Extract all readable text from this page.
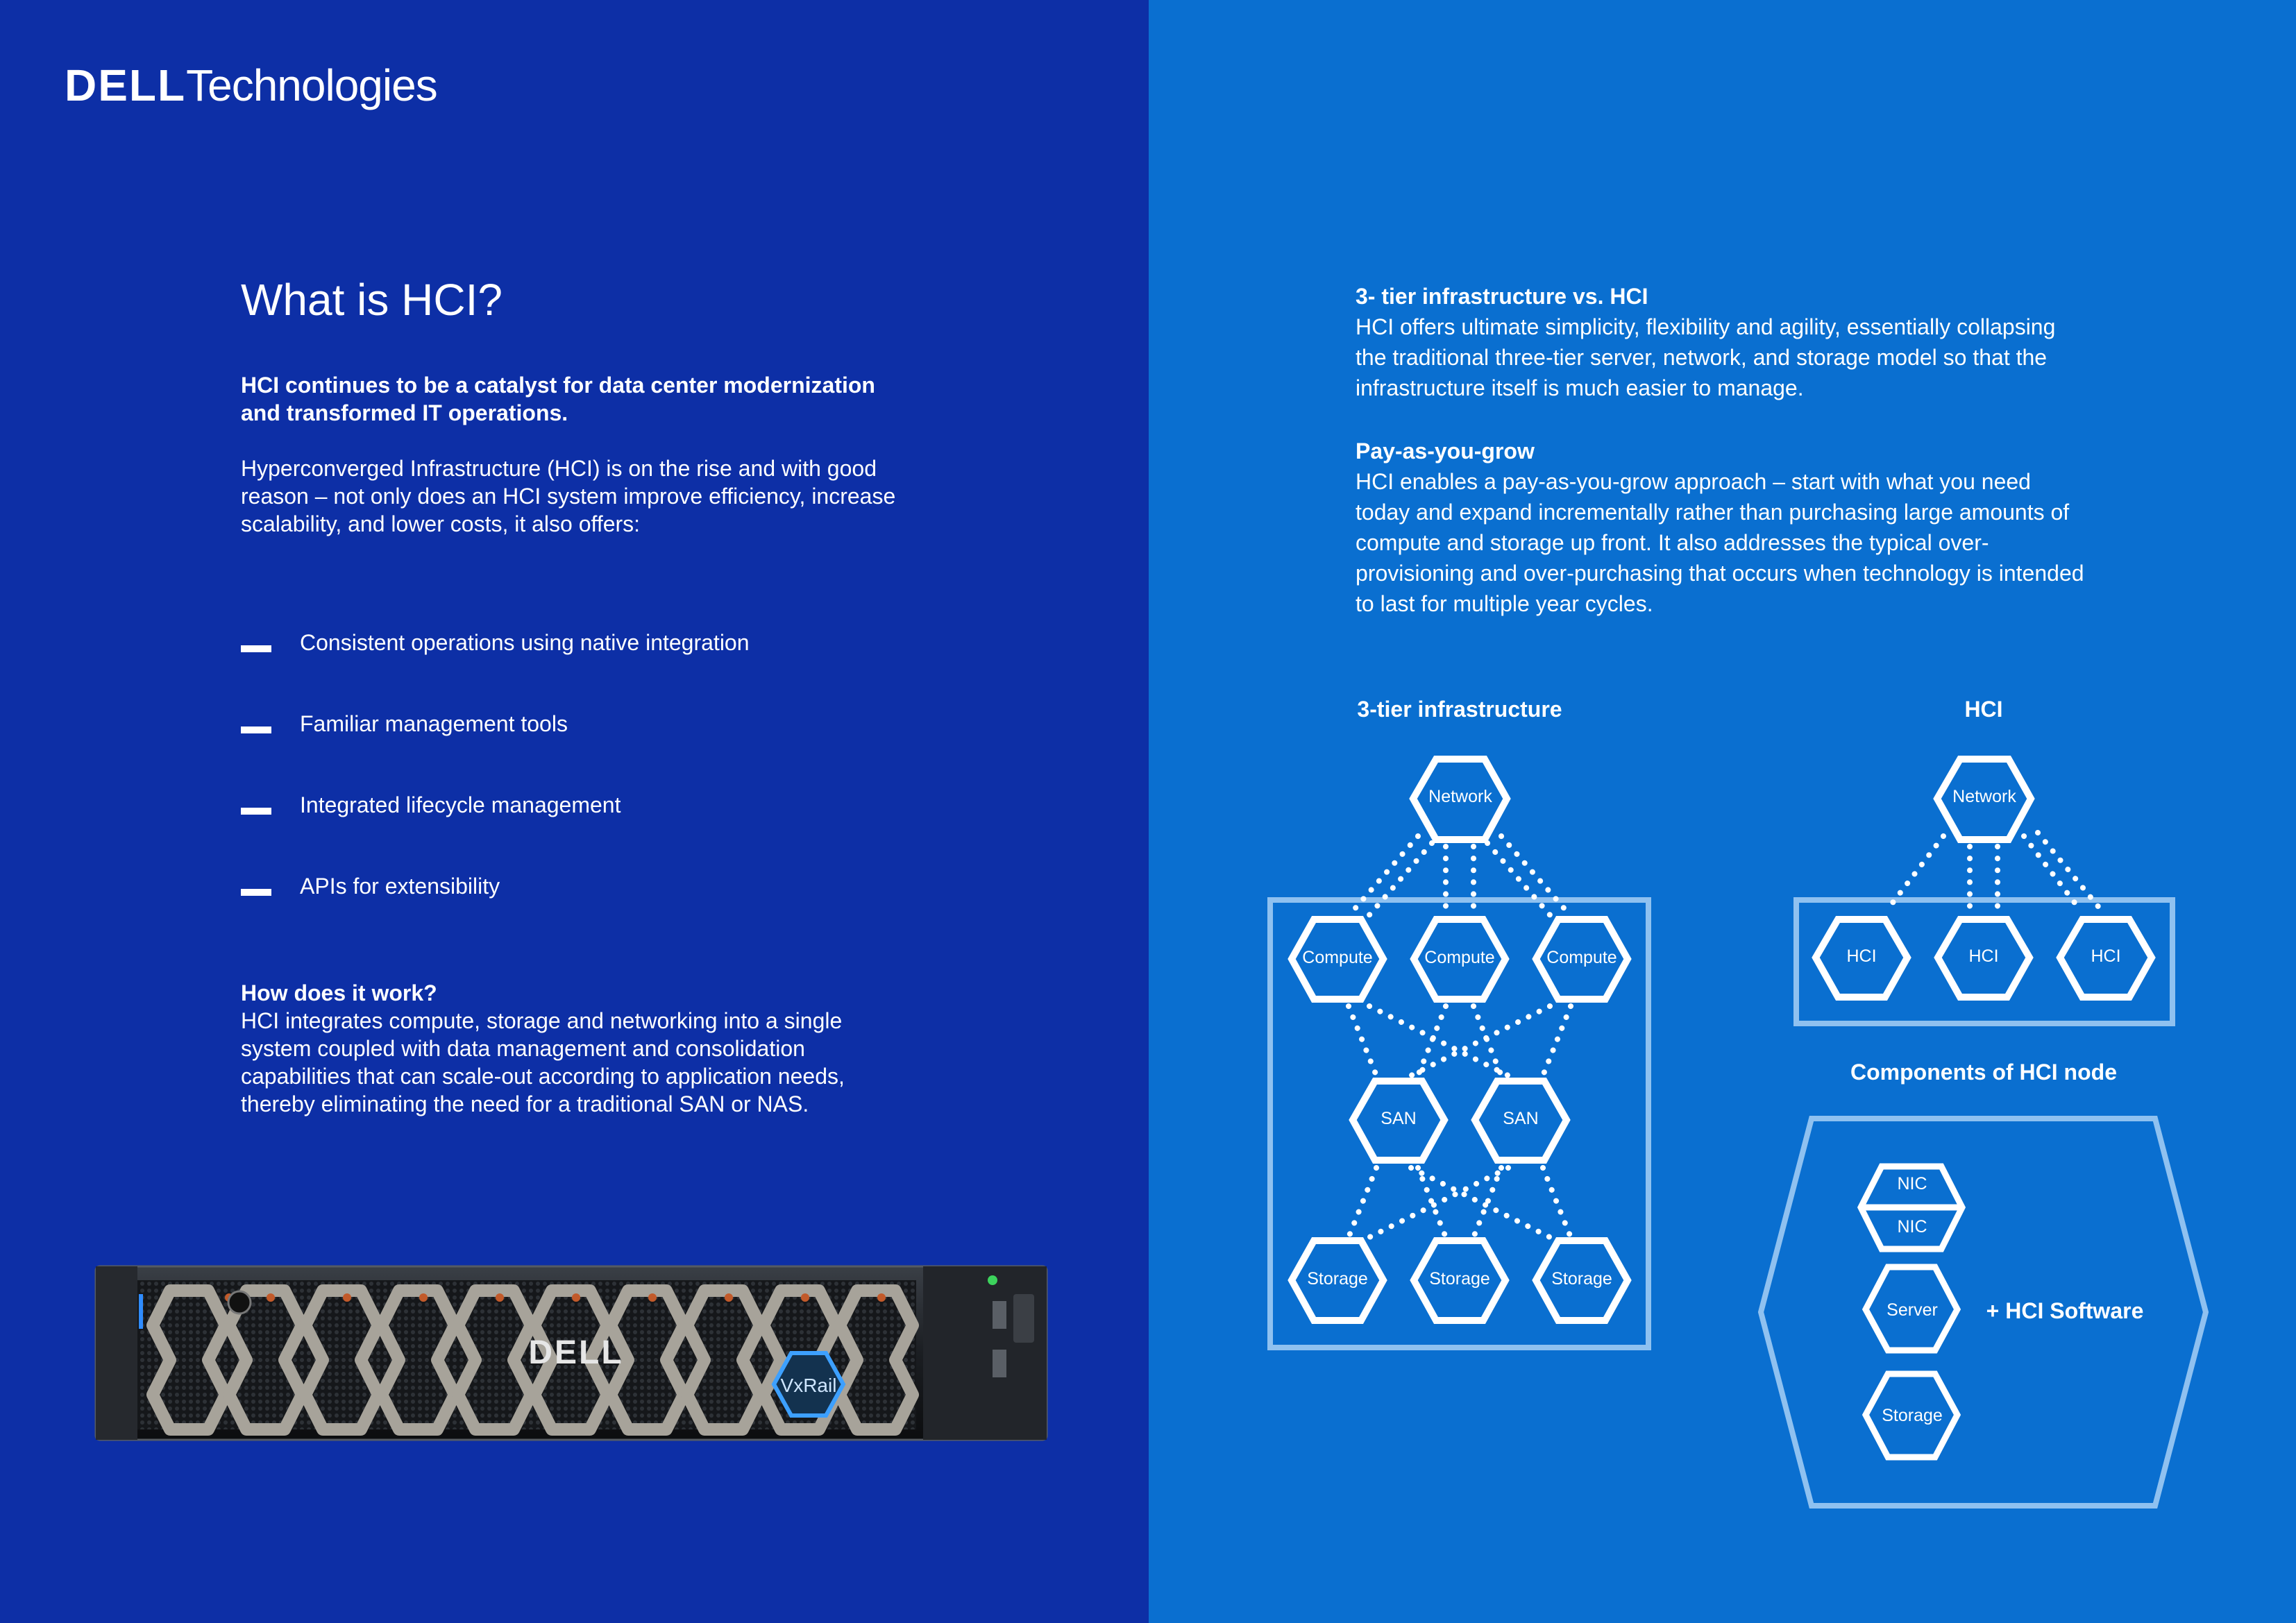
DELLTechnologies
What is HCI?
HCI continues to be a catalyst for data center modernization and transformed IT operations.
Hyperconverged Infrastructure (HCI) is on the rise and with good reason – not only does an HCI system improve efficiency, increase scalability, and lower costs, it also offers:
Consistent operations using native integration
Familiar management tools
Integrated lifecycle management
APIs for extensibility
How does it work?
HCI integrates compute, storage and networking into a single system coupled with data management and consolidation capabilities that can scale-out according to application needs, thereby eliminating the need for a traditional SAN or NAS.
DELL
VxRail
3- tier infrastructure vs. HCI
HCI offers ultimate simplicity, flexibility and agility, essentially collapsing the traditional three-tier server, network, and storage model so that the infrastructure itself is much easier to manage.
Pay-as-you-grow
HCI enables a pay-as-you-grow approach – start with what you need today and expand incrementally rather than purchasing large amounts of compute and storage up front. It also addresses the typical over-provisioning and over-purchasing that occurs when technology is intended to last for multiple year cycles.
3-tier infrastructure	HCI
Components of HCI node
Network
Compute	Compute	Compute
SAN	SAN
Storage	Storage	Storage
Network
HCI	HCI	HCI
NIC
NIC
Server
Storage
+ HCI Software
